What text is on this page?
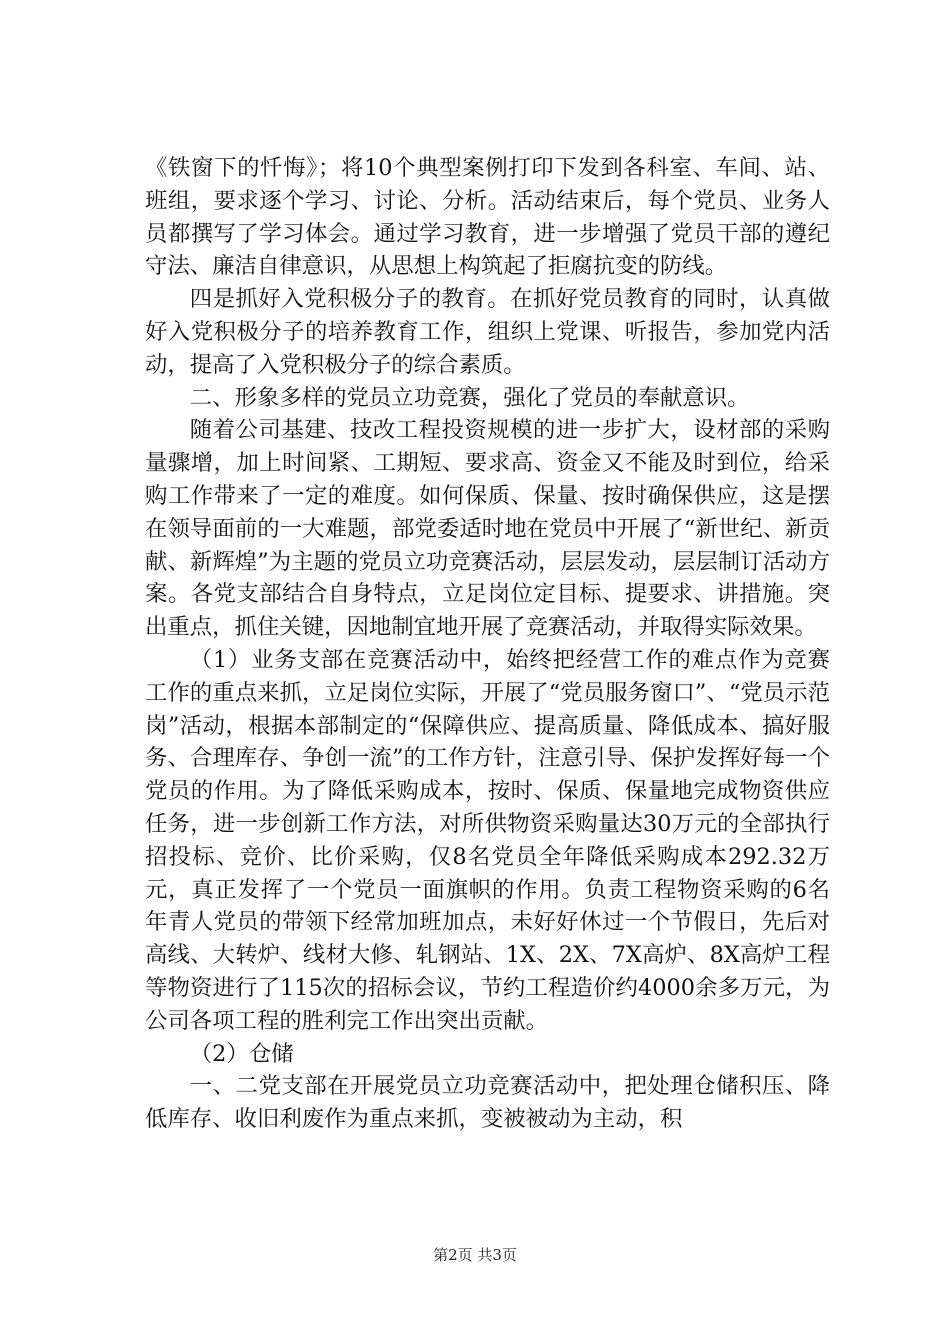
《铁窗下的忏悔》；将10个典型案例打印下发到各科室、车间、站、班组，要求逐个学习、讨论、分析。活动结束后，每个党员、业务人员都撰写了学习体会。通过学习教育，进一步增强了党员干部的遵纪守法、廉洁自律意识，从思想上构筑起了拒腐抗变的防线。

四是抓好入党积极分子的教育。在抓好党员教育的同时，认真做好入党积极分子的培养教育工作，组织上党课、听报告，参加党内活动，提高了入党积极分子的综合素质。

二、形象多样的党员立功竞赛，强化了党员的奉献意识。

随着公司基建、技改工程投资规模的进一步扩大，设材部的采购量骤增，加上时间紧、工期短、要求高、资金又不能及时到位，给采购工作带来了一定的难度。如何保质、保量、按时确保供应，这是摆在领导面前的一大难题，部党委适时地在党员中开展了“新世纪、新贡献、新辉煌”为主题的党员立功竞赛活动，层层发动，层层制订活动方案。各党支部结合自身特点，立足岗位定目标、提要求、讲措施。突出重点，抓住关键，因地制宜地开展了竞赛活动，并取得实际效果。

（1）业务支部在竞赛活动中，始终把经营工作的难点作为竞赛工作的重点来抓，立足岗位实际，开展了“党员服务窗口”、“党员示范岗”活动，根据本部制定的“保障供应、提高质量、降低成本、搞好服务、合理库存、争创一流”的工作方针，注意引导、保护发挥好每一个党员的作用。为了降低采购成本，按时、保质、保量地完成物资供应任务，进一步创新工作方法，对所供物资采购量达30万元的全部执行招投标、竞价、比价采购，仅8名党员全年降低采购成本292.32万元，真正发挥了一个党员一面旗帜的作用。负责工程物资采购的6名年青人党员的带领下经常加班加点，未好好休过一个节假日，先后对高线、大转炉、线材大修、轧钢站、1X、2X、7X高炉、8X高炉工程等物资进行了115次的招标会议，节约工程造价约4000余多万元，为公司各项工程的胜利完工作出突出贡献。

（2）仓储

一、二党支部在开展党员立功竞赛活动中，把处理仓储积压、降低库存、收旧利废作为重点来抓，变被被动为主动，积

第2页 共3页
